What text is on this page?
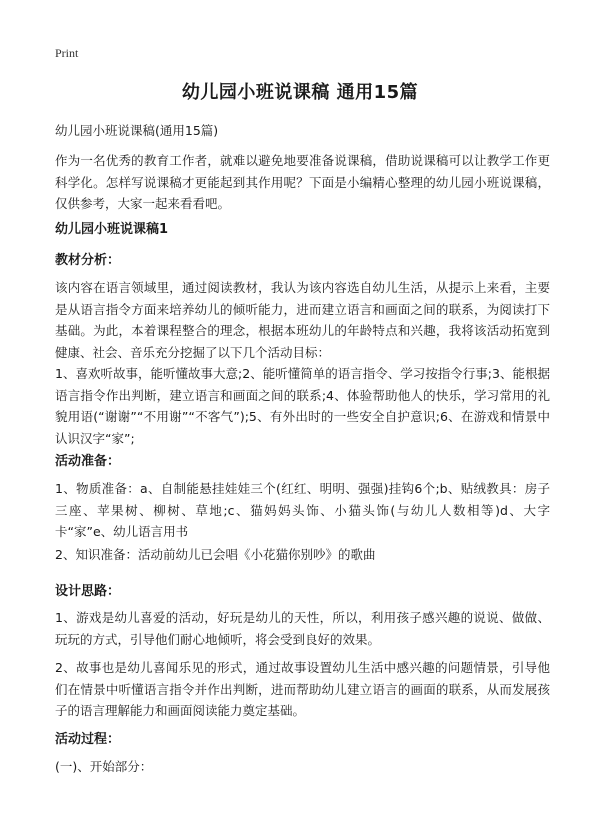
Print
幼儿园小班说课稿 通用15篇
幼儿园小班说课稿(通用15篇)
作为一名优秀的教育工作者，就难以避免地要准备说课稿，借助说课稿可以让教学工作更科学化。怎样写说课稿才更能起到其作用呢？下面是小编精心整理的幼儿园小班说课稿，仅供参考，大家一起来看看吧。
幼儿园小班说课稿1
教材分析：
该内容在语言领域里，通过阅读教材，我认为该内容选自幼儿生活，从提示上来看，主要是从语言指令方面来培养幼儿的倾听能力，进而建立语言和画面之间的联系，为阅读打下基础。为此，本着课程整合的理念，根据本班幼儿的年龄特点和兴趣，我将该活动拓宽到健康、社会、音乐充分挖掘了以下几个活动目标：
1、喜欢听故事，能听懂故事大意;2、能听懂简单的语言指令、学习按指令行事;3、能根据语言指令作出判断，建立语言和画面之间的联系;4、体验帮助他人的快乐，学习常用的礼貌用语(“谢谢”“不用谢”“不客气”);5、有外出时的一些安全自护意识;6、在游戏和情景中认识汉字“家”;
活动准备：
1、物质准备：a、自制能悬挂娃娃三个(红红、明明、强强)挂钩6个;b、贴绒教具：房子三座、苹果树、柳树、草地;c、猫妈妈头饰、小猫头饰(与幼儿人数相等)d、大字卡“家”e、幼儿语言用书
2、知识准备：活动前幼儿已会唱《小花猫你别吵》的歌曲
设计思路：
1、游戏是幼儿喜爱的活动，好玩是幼儿的天性，所以，利用孩子感兴趣的说说、做做、玩玩的方式，引导他们耐心地倾听，将会受到良好的效果。
2、故事也是幼儿喜闻乐见的形式，通过故事设置幼儿生活中感兴趣的问题情景，引导他们在情景中听懂语言指令并作出判断，进而帮助幼儿建立语言的画面的联系，从而发展孩子的语言理解能力和画面阅读能力奠定基础。
活动过程：
(一)、开始部分：
